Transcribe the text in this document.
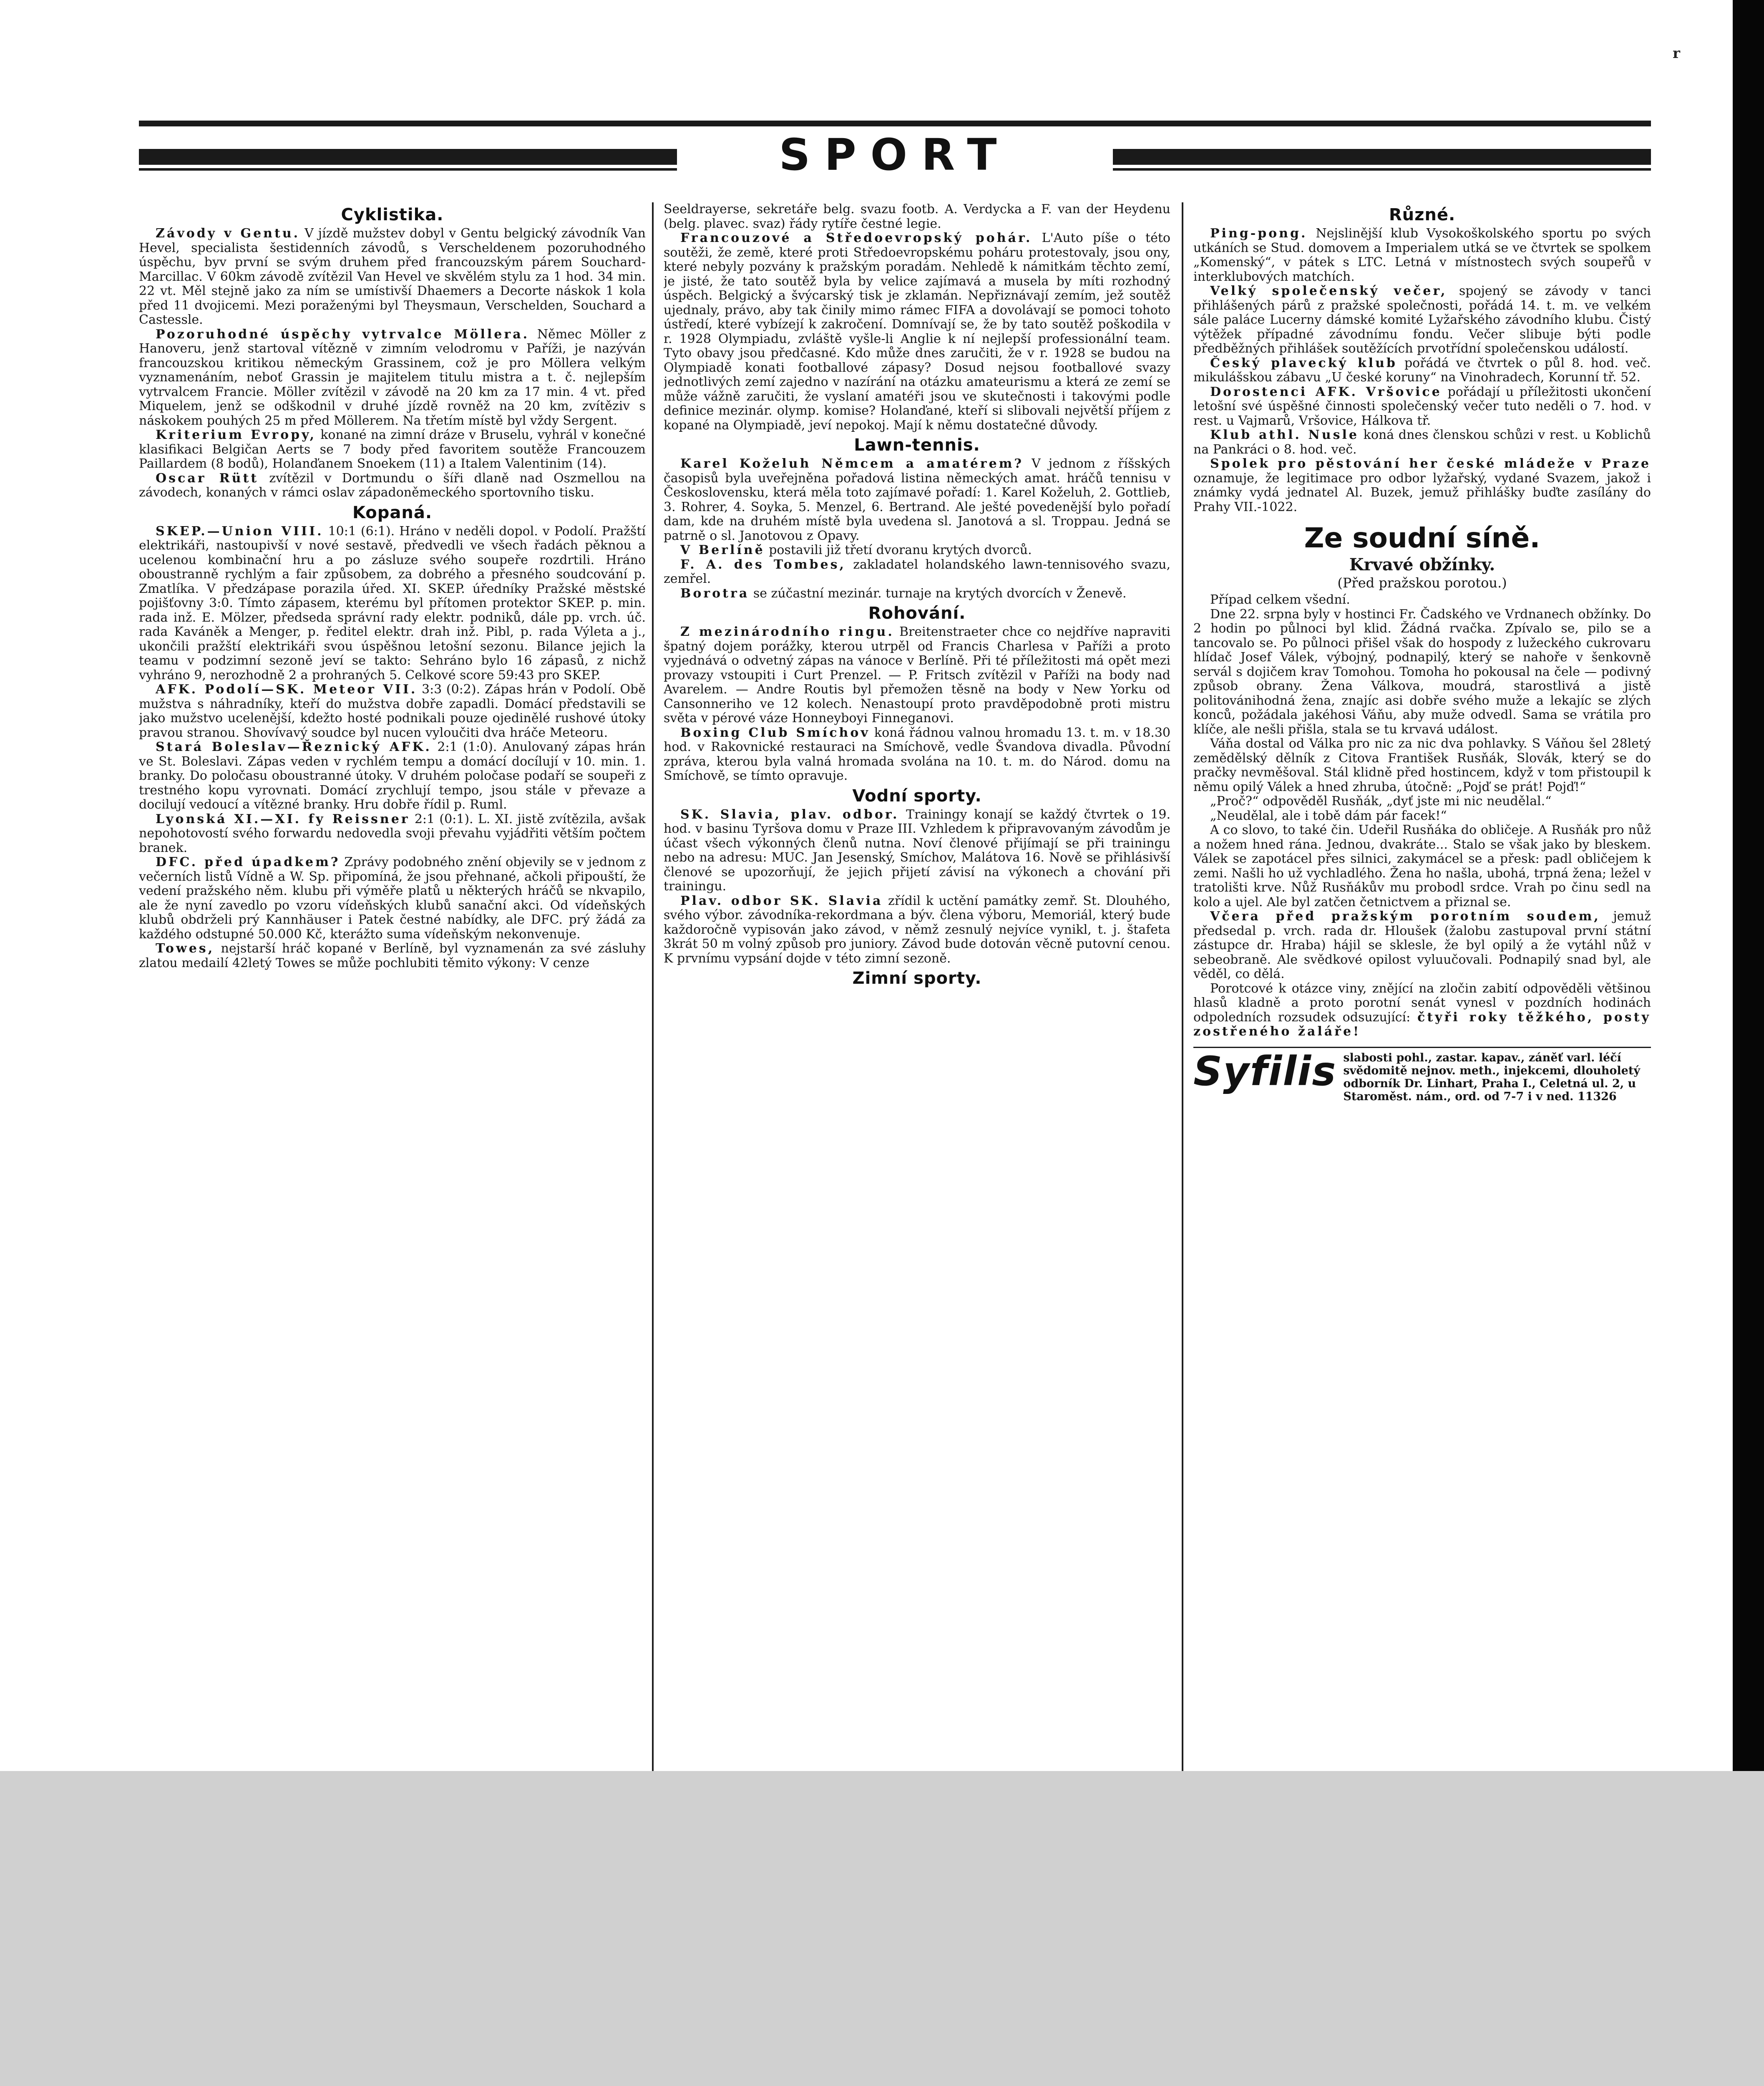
r
SPORT
Cyklistika.

Závody v Gentu. V jízdě mužstev dobyl v Gentu belgický závodník Van Hevel, specialista šestidenních závodů, s Verscheldenem pozoruhodného úspěchu, byv první se svým druhem před francouzským párem Souchard-Marcillac. V 60km závodě zvítězil Van Hevel ve skvělém stylu za 1 hod. 34 min. 22 vt. Měl stejně jako za ním se umístivší Dhaemers a Decorte náskok 1 kola před 11 dvojicemi. Mezi poraženými byl Theysmaun, Verschelden, Souchard a Castessle.

Pozoruhodné úspěchy vytrvalce Möllera. Němec Möller z Hanoveru, jenž startoval vítězně v zimním velodromu v Paříži, je nazýván francouzskou kritikou německým Grassinem, což je pro Möllera velkým vyznamenáním, neboť Grassin je majitelem titulu mistra a t. č. nejlepším vytrvalcem Francie. Möller zvítězil v závodě na 20 km za 17 min. 4 vt. před Miquelem, jenž se odškodnil v druhé jízdě rovněž na 20 km, zvítěziv s náskokem pouhých 25 m před Möllerem. Na třetím místě byl vždy Sergent.

Kriterium Evropy, konané na zimní dráze v Bruselu, vyhrál v konečné klasifikaci Belgičan Aerts se 7 body před favoritem soutěže Francouzem Paillardem (8 bodů), Holanďanem Snoekem (11) a Italem Valentinim (14).

Oscar Rütt zvítězil v Dortmundu o šíři dlaně nad Oszmellou na závodech, konaných v rámci oslav západoněmeckého sportovního tisku.

Kopaná.

SKEP.—Union VIII. 10:1 (6:1). Hráno v neděli dopol. v Podolí. Pražští elektrikáři, nastoupivší v nové sestavě, předvedli ve všech řadách pěknou a ucelenou kombinační hru a po zásluze svého soupeře rozdrtili. Hráno oboustranně rychlým a fair způsobem, za dobrého a přesného soudcování p. Zmatlíka. V předzápase porazila úřed. XI. SKEP. úředníky Pražské městské pojišťovny 3:0. Tímto zápasem, kterému byl přítomen protektor SKEP. p. min. rada inž. E. Mölzer, předseda správní rady elektr. podniků, dále pp. vrch. úč. rada Kaváněk a Menger, p. ředitel elektr. drah inž. Pibl, p. rada Výleta a j., ukončili pražští elektrikáři svou úspěšnou letošní sezonu. Bilance jejich la teamu v podzimní sezoně jeví se takto: Sehráno bylo 16 zápasů, z nichž vyhráno 9, nerozhodně 2 a prohraných 5. Celkové score 59:43 pro SKEP.

AFK. Podolí—SK. Meteor VII. 3:3 (0:2). Zápas hrán v Podolí. Obě mužstva s náhradníky, kteří do mužstva dobře zapadli. Domácí představili se jako mužstvo ucelenější, kdežto hosté podnikali pouze ojedinělé rushové útoky pravou stranou. Shovívavý soudce byl nucen vyloučiti dva hráče Meteoru.

Stará Boleslav—Řeznický AFK. 2:1 (1:0). Anulovaný zápas hrán ve St. Boleslavi. Zápas veden v rychlém tempu a domácí docílují v 10. min. 1. branky. Do poločasu oboustranné útoky. V druhém poločase podaří se soupeři z trestného kopu vyrovnati. Domácí zrychlují tempo, jsou stále v převaze a docilují vedoucí a vítězné branky. Hru dobře řídil p. Ruml.

Lyonská XI.—XI. fy Reissner 2:1 (0:1). L. XI. jistě zvítězila, avšak nepohotovostí svého forwardu nedovedla svoji převahu vyjádřiti větším počtem branek.

DFC. před úpadkem? Zprávy podobného znění objevily se v jednom z večerních listů Vídně a W. Sp. připomíná, že jsou přehnané, ačkoli připouští, že vedení pražského něm. klubu při výměře platů u některých hráčů se nkvapilo, ale že nyní zavedlo po vzoru vídeňských klubů sanační akci. Od vídeňských klubů obdrželi prý Kannhäuser i Patek čestné nabídky, ale DFC. prý žádá za každého odstupné 50.000 Kč, kterážto suma vídeňským nekonvenuje.

Towes, nejstarší hráč kopané v Berlíně, byl vyznamenán za své zásluhy zlatou medailí 42letý Towes se může pochlubiti těmito výkony: V cenze

Seeldrayerse, sekretáře belg. svazu footb. A. Verdycka a F. van der Heydenu (belg. plavec. svaz) řády rytíře čestné legie.

Francouzové a Středoevropský pohár. L'Auto píše o této soutěži, že země, které proti Středoevropskému poháru protestovaly, jsou ony, které nebyly pozvány k pražským poradám. Nehledě k námitkám těchto zemí, je jisté, že tato soutěž byla by velice zajímavá a musela by míti rozhodný úspěch. Belgický a švýcarský tisk je zklamán. Nepřiznávají zemím, jež soutěž ujednaly, právo, aby tak činily mimo rámec FIFA a dovolávají se pomoci tohoto ústředí, které vybízejí k zakročení. Domnívají se, že by tato soutěž poškodila v r. 1928 Olympiadu, zvláště vyšle-li Anglie k ní nejlepší professionální team. Tyto obavy jsou předčasné. Kdo může dnes zaručiti, že v r. 1928 se budou na Olympiadě konati footballové zápasy? Dosud nejsou footballové svazy jednotlivých zemí zajedno v nazírání na otázku amateurismu a která ze zemí se může vážně zaručiti, že vyslaní amatéři jsou ve skutečnosti i takovými podle definice mezinár. olymp. komise? Holanďané, kteří si slibovali největší příjem z kopané na Olympiadě, jeví nepokoj. Mají k němu dostatečné důvody.

Lawn-tennis.

Karel Koželuh Němcem a amatérem? V jednom z říšských časopisů byla uveřejněna pořadová listina německých amat. hráčů tennisu v Československu, která měla toto zajímavé pořadí: 1. Karel Koželuh, 2. Gottlieb, 3. Rohrer, 4. Soyka, 5. Menzel, 6. Bertrand. Ale ješté povedenější bylo pořadí dam, kde na druhém místě byla uvedena sl. Janotová a sl. Troppau. Jedná se patrně o sl. Janotovou z Opavy.

V Berlíně postavili již třetí dvoranu krytých dvorců.

F. A. des Tombes, zakladatel holandského lawn-tennisového svazu, zemřel.

Borotra se zúčastní mezinár. turnaje na krytých dvorcích v Ženevě.

Rohování.

Z mezinárodního ringu. Breitenstraeter chce co nejdříve napraviti špatný dojem porážky, kterou utrpěl od Francis Charlesa v Paříži a proto vyjednává o odvetný zápas na vánoce v Berlíně. Při té příležitosti má opět mezi provazy vstoupiti i Curt Prenzel. — P. Fritsch zvítězil v Paříži na body nad Avarelem. — Andre Routis byl přemožen těsně na body v New Yorku od Cansonneriho ve 12 kolech. Nenastoupí proto pravděpodobně proti mistru světa v pérové váze Honneyboyi Finneganovi.

Boxing Club Smíchov koná řádnou valnou hromadu 13. t. m. v 18.30 hod. v Rakovnické restauraci na Smíchově, vedle Švandova divadla. Původní zpráva, kterou byla valná hromada svolána na 10. t. m. do Národ. domu na Smíchově, se tímto opravuje.

Vodní sporty.

SK. Slavia, plav. odbor. Trainingy konají se každý čtvrtek o 19. hod. v basinu Tyršova domu v Praze III. Vzhledem k připravovaným závodům je účast všech výkonných členů nutna. Noví členové přijímají se při trainingu nebo na adresu: MUC. Jan Jesenský, Smíchov, Malátova 16. Nově se přihlásivší členové se upozorňují, že jejich přijetí závisí na výkonech a chování při trainingu.

Plav. odbor SK. Slavia zřídil k uctění památky zemř. St. Dlouhého, svého výbor. závodníka-rekordmana a býv. člena výboru, Memoriál, který bude každoročně vypisován jako závod, v němž zesnulý nejvíce vynikl, t. j. štafeta 3krát 50 m volný způsob pro juniory. Závod bude dotován věcně putovní cenou. K prvnímu vypsání dojde v této zimní sezoně.

Zimní sporty.
Různé.

Ping-pong. Nejslinější klub Vysokoškolského sportu po svých utkáních se Stud. domovem a Imperialem utká se ve čtvrtek se spolkem „Komenský“, v pátek s LTC. Letná v místnostech svých soupeřů v interklubových matchích.

Velký společenský večer, spojený se závody v tanci přihlášených párů z pražské společnosti, pořádá 14. t. m. ve velkém sále paláce Lucerny dámské komité Lyžařského závodního klubu. Čistý výtěžek případné závodnímu fondu. Večer slibuje býti podle předběžných přihlášek soutěžících prvotřídní společenskou událostí.

Český plavecký klub pořádá ve čtvrtek o půl 8. hod. več. mikulášskou zábavu „U české koruny“ na Vinohradech, Korunní tř. 52.

Dorostenci AFK. Vršovice pořádají u příležitosti ukončení letošní své úspěšné činnosti společenský večer tuto neděli o 7. hod. v rest. u Vajmarů, Vršovice, Hálkova tř.

Klub athl. Nusle koná dnes členskou schůzi v rest. u Koblichů na Pankráci o 8. hod. več.

Spolek pro pěstování her české mládeže v Praze oznamuje, že legitimace pro odbor lyžařský, vydané Svazem, jakož i známky vydá jednatel Al. Buzek, jemuž přihlášky buďte zasílány do Prahy VII.-1022.

Ze soudní síně.
Krvavé obžínky.
(Před pražskou porotou.)

Případ celkem všední.

Dne 22. srpna byly v hostinci Fr. Čadského ve Vrdnanech obžínky. Do 2 hodin po půlnoci byl klid. Žádná rvačka. Zpívalo se, pilo se a tancovalo se. Po půlnoci přišel však do hospody z lužeckého cukrovaru hlídač Josef Válek, výbojný, podnapilý, který se nahoře v šenkovně servál s dojičem krav Tomohou. Tomoha ho pokousal na čele — podivný způsob obrany. Žena Válkova, moudrá, starostlivá a jistě politovánihodná žena, znajíc asi dobře svého muže a lekajíc se zlých konců, požádala jakéhosi Váňu, aby muže odvedl. Sama se vrátila pro klíče, ale nešli přišla, stala se tu krvavá událost.

Váňa dostal od Válka pro nic za nic dva pohlavky. S Váňou šel 28letý zemědělský dělník z Citova František Rusňák, Slovák, který se do pračky nevměšoval. Stál klidně před hostincem, když v tom přistoupil k němu opilý Válek a hned zhruba, útočně: „Pojď se prát! Pojď!“

„Proč?“ odpověděl Rusňák, „dyť jste mi nic neudělal.“

„Neudělal, ale i tobě dám pár facek!“

A co slovo, to také čin. Udeřil Rusňáka do obličeje. A Rusňák pro nůž a nožem hned rána. Jednou, dvakráte... Stalo se však jako by bleskem. Válek se zapotácel přes silnici, zakymácel se a přesk: padl obličejem k zemi. Našli ho už vychladlého. Žena ho našla, ubohá, trpná žena; ležel v tratolišti krve. Nůž Rusňákův mu probodl srdce. Vrah po činu sedl na kolo a ujel. Ale byl zatčen četnictvem a přiznal se.

Včera před pražským porotním soudem, jemuž předsedal p. vrch. rada dr. Hloušek (žalobu zastupoval první státní zástupce dr. Hraba) hájil se sklesle, že byl opilý a že vytáhl nůž v sebeobraně. Ale svědkové opilost vyluučovali. Podnapilý snad byl, ale věděl, co dělá.

Porotcové k otázce viny, znějící na zločin zabití odpověděli většinou hlasů kladně a proto porotní senát vynesl v pozdních hodinách odpoledních rozsudek odsuzující: čtyři roky těžkého, posty zostřeného žaláře!

Syfilis slabosti pohl., zastar. kapav., záněť varl. léčí svědomitě nejnov. meth., injekcemi, dlouholetý odborník Dr. Linhart, Praha I., Celetná ul. 2, u Staroměst. nám., ord. od 7-7 i v ned. 11326
